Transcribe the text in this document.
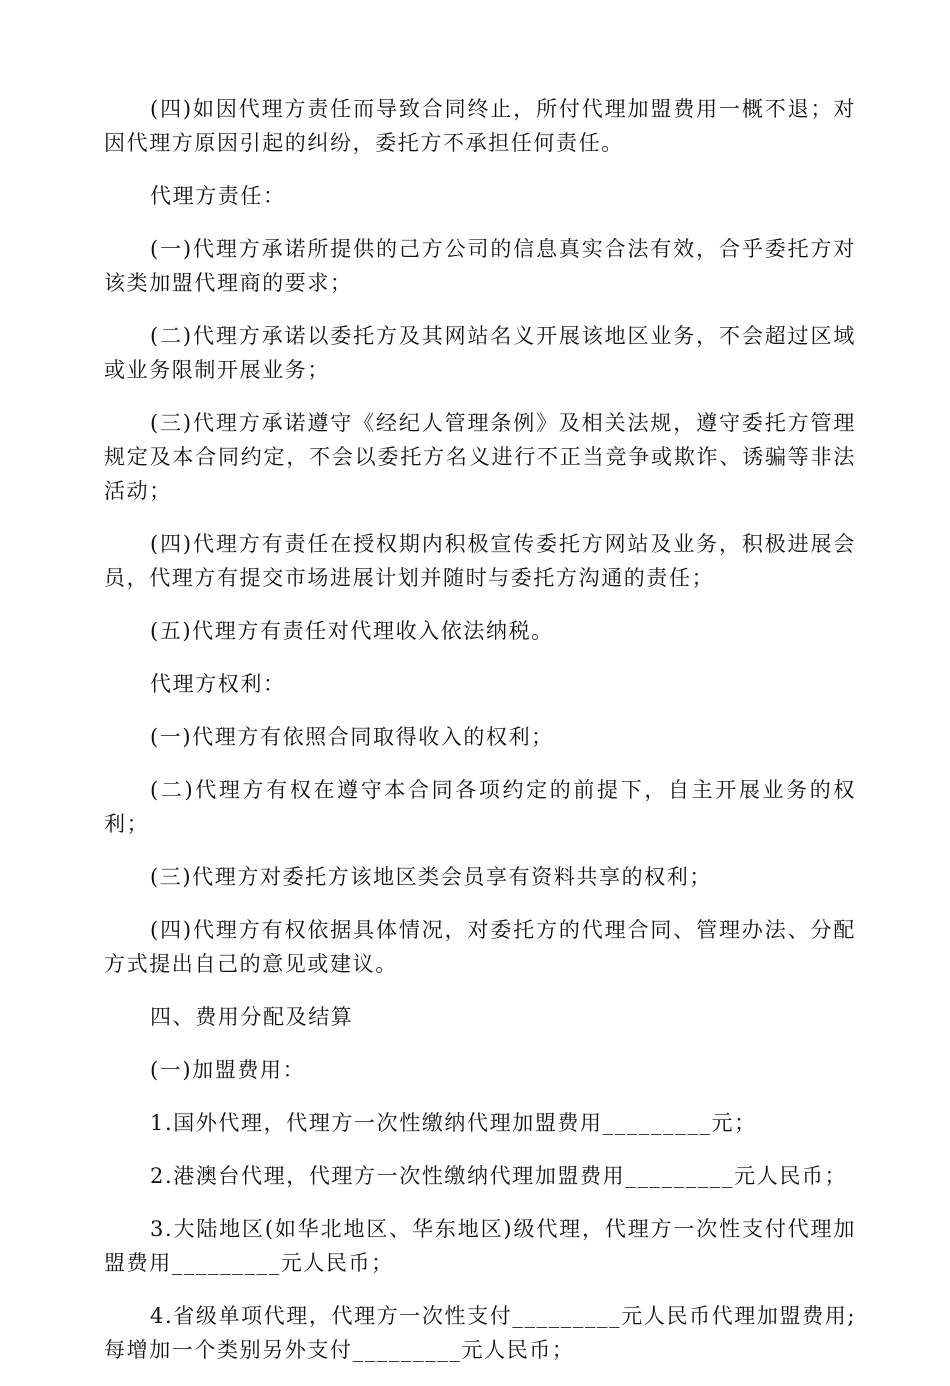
(四)如因代理方责任而导致合同终止，所付代理加盟费用一概不退；对因代理方原因引起的纠纷，委托方不承担任何责任。

代理方责任：

(一)代理方承诺所提供的己方公司的信息真实合法有效，合乎委托方对该类加盟代理商的要求；

(二)代理方承诺以委托方及其网站名义开展该地区业务，不会超过区域或业务限制开展业务；

(三)代理方承诺遵守《经纪人管理条例》及相关法规，遵守委托方管理规定及本合同约定，不会以委托方名义进行不正当竞争或欺诈、诱骗等非法活动；

(四)代理方有责任在授权期内积极宣传委托方网站及业务，积极进展会员，代理方有提交市场进展计划并随时与委托方沟通的责任；

(五)代理方有责任对代理收入依法纳税。

代理方权利：

(一)代理方有依照合同取得收入的权利；

(二)代理方有权在遵守本合同各项约定的前提下，自主开展业务的权利；

(三)代理方对委托方该地区类会员享有资料共享的权利；

(四)代理方有权依据具体情况，对委托方的代理合同、管理办法、分配方式提出自己的意见或建议。

四、费用分配及结算

(一)加盟费用：

1.国外代理，代理方一次性缴纳代理加盟费用_________元；

2.港澳台代理，代理方一次性缴纳代理加盟费用_________元人民币；

3.大陆地区(如华北地区、华东地区)级代理，代理方一次性支付代理加盟费用_________元人民币；

4.省级单项代理，代理方一次性支付_________元人民币代理加盟费用;每增加一个类别另外支付_________元人民币；
